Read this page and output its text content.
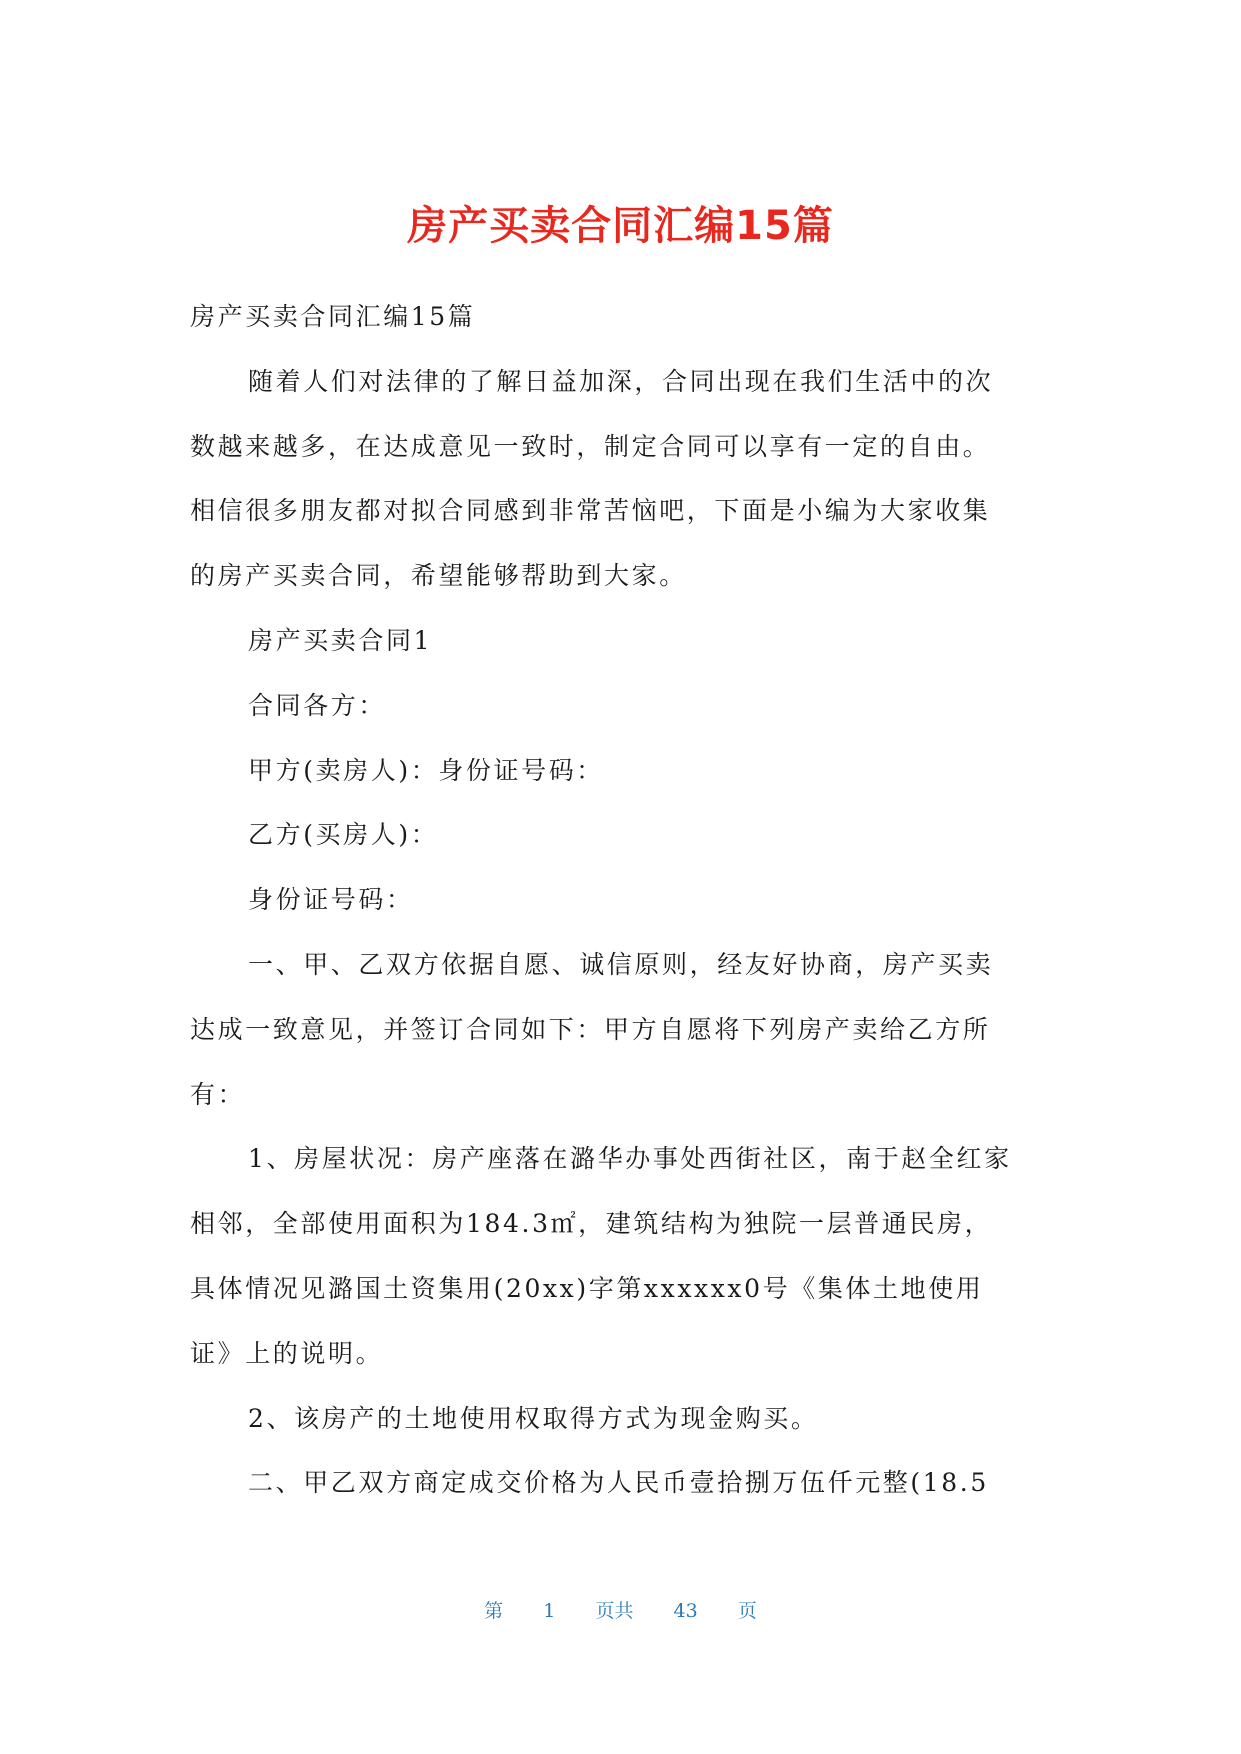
房产买卖合同汇编15篇

房产买卖合同汇编15篇

随着人们对法律的了解日益加深，合同出现在我们生活中的次

数越来越多，在达成意见一致时，制定合同可以享有一定的自由。

相信很多朋友都对拟合同感到非常苦恼吧，下面是小编为大家收集

的房产买卖合同，希望能够帮助到大家。

房产买卖合同1

合同各方：

甲方(卖房人)：身份证号码：

乙方(买房人)：

身份证号码：

一、甲、乙双方依据自愿、诚信原则，经友好协商，房产买卖

达成一致意见，并签订合同如下：甲方自愿将下列房产卖给乙方所

有：

1、房屋状况：房产座落在潞华办事处西街社区，南于赵全红家

相邻，全部使用面积为184.3㎡，建筑结构为独院一层普通民房，

具体情况见潞国土资集用(20xx)字第xxxxxx0号《集体土地使用

证》上的说明。

2、该房产的土地使用权取得方式为现金购买。

二、甲乙双方商定成交价格为人民币壹拾捌万伍仟元整(18.5

第 1 页共 43 页
